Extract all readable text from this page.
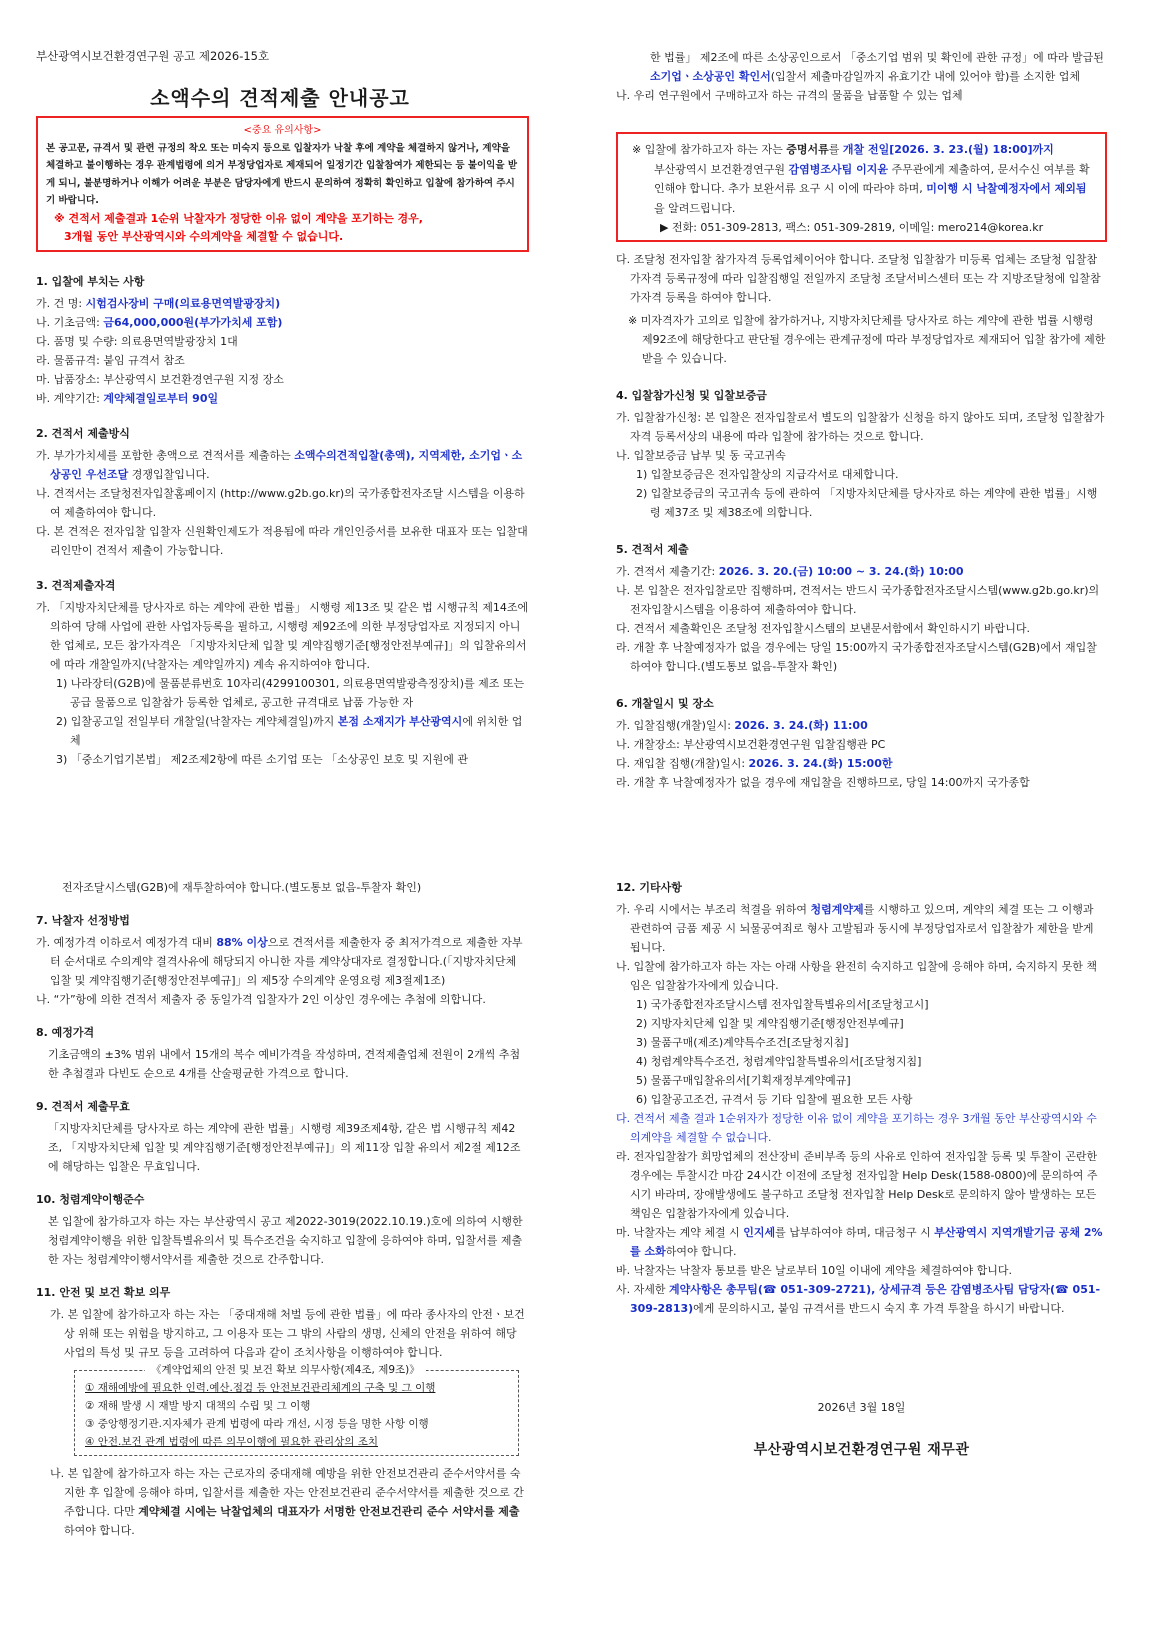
부산광역시보건환경연구원 공고 제2026-15호
소액수의 견적제출 안내공고
<중요 유의사항>
본 공고문, 규격서 및 관련 규정의 착오 또는 미숙지 등으로 입찰자가 낙찰 후에 계약을 체결하지 않거나, 계약을 체결하고 불이행하는 경우 관계법령에 의거 부정당업자로 제재되어 일정기간 입찰참여가 제한되는 등 불이익을 받게 되니, 불분명하거나 이해가 어려운 부분은 담당자에게 반드시 문의하여 정확히 확인하고 입찰에 참가하여 주시기 바랍니다.
※ 견적서 제출결과 1순위 낙찰자가 정당한 이유 없이 계약을 포기하는 경우,
3개월 동안 부산광역시와 수의계약을 체결할 수 없습니다.
1. 입찰에 부치는 사항
가. 건 명: 시험검사장비 구매(의료용면역발광장치)
나. 기초금액: 금64,000,000원(부가가치세 포함)
다. 품명 및 수량: 의료용면역발광장치 1대
라. 물품규격: 붙임 규격서 참조
마. 납품장소: 부산광역시 보건환경연구원 지정 장소
바. 계약기간: 계약체결일로부터 90일
2. 견적서 제출방식
가. 부가가치세를 포함한 총액으로 견적서를 제출하는 소액수의견적입찰(총액), 지역제한, 소기업ㆍ소상공인 우선조달 경쟁입찰입니다.
나. 견적서는 조달청전자입찰홈페이지 (http://www.g2b.go.kr)의 국가종합전자조달 시스템을 이용하여 제출하여야 합니다.
다. 본 견적은 전자입찰 입찰자 신원확인제도가 적용됨에 따라 개인인증서를 보유한 대표자 또는 입찰대리인만이 견적서 제출이 가능합니다.
3. 견적제출자격
가. 「지방자치단체를 당사자로 하는 계약에 관한 법률」 시행령 제13조 및 같은 법 시행규칙 제14조에 의하여 당해 사업에 관한 사업자등록을 필하고, 시행령 제92조에 의한 부정당업자로 지정되지 아니한 업체로, 모든 참가자격은 「지방자치단체 입찰 및 계약집행기준[행정안전부예규]」의 입찰유의서에 따라 개찰일까지(낙찰자는 계약일까지) 계속 유지하여야 합니다.
1) 나라장터(G2B)에 물품분류번호 10자리(4299100301, 의료용면역발광측정장치)를 제조 또는 공급 물품으로 입찰참가 등록한 업체로, 공고한 규격대로 납품 가능한 자
2) 입찰공고일 전일부터 개찰일(낙찰자는 계약체결일)까지 본점 소재지가 부산광역시에 위치한 업체
3) 「중소기업기본법」 제2조제2항에 따른 소기업 또는 「소상공인 보호 및 지원에 관
한 법률」 제2조에 따른 소상공인으로서 「중소기업 범위 및 확인에 관한 규정」에 따라 발급된 소기업ㆍ소상공인 확인서(입찰서 제출마감일까지 유효기간 내에 있어야 함)를 소지한 업체
나. 우리 연구원에서 구매하고자 하는 규격의 물품을 납품할 수 있는 업체
※ 입찰에 참가하고자 하는 자는 증명서류를 개찰 전일[2026. 3. 23.(월) 18:00]까지
부산광역시 보건환경연구원 감염병조사팀 이지윤 주무관에게 제출하여, 문서수신 여부를 확인해야 합니다. 추가 보완서류 요구 시 이에 따라야 하며, 미이행 시 낙찰예정자에서 제외됨을 알려드립니다.
▶ 전화: 051-309-2813, 팩스: 051-309-2819, 이메일: mero214@korea.kr
다. 조달청 전자입찰 참가자격 등록업체이어야 합니다. 조달청 입찰참가 미등록 업체는 조달청 입찰참가자격 등록규정에 따라 입찰집행일 전일까지 조달청 조달서비스센터 또는 각 지방조달청에 입찰참가자격 등록을 하여야 합니다.
※ 미자격자가 고의로 입찰에 참가하거나, 지방자치단체를 당사자로 하는 계약에 관한 법률 시행령 제92조에 해당한다고 판단될 경우에는 관계규정에 따라 부정당업자로 제재되어 입찰 참가에 제한받을 수 있습니다.
4. 입찰참가신청 및 입찰보증금
가. 입찰참가신청: 본 입찰은 전자입찰로서 별도의 입찰참가 신청을 하지 않아도 되며, 조달청 입찰참가자격 등록서상의 내용에 따라 입찰에 참가하는 것으로 합니다.
나. 입찰보증금 납부 및 동 국고귀속
1) 입찰보증금은 전자입찰상의 지급각서로 대체합니다.
2) 입찰보증금의 국고귀속 등에 관하여 「지방자치단체를 당사자로 하는 계약에 관한 법률」시행령 제37조 및 제38조에 의합니다.
5. 견적서 제출
가. 견적서 제출기간: 2026. 3. 20.(금) 10:00 ~ 3. 24.(화) 10:00
나. 본 입찰은 전자입찰로만 집행하며, 견적서는 반드시 국가종합전자조달시스템(www.g2b.go.kr)의 전자입찰시스템을 이용하여 제출하여야 합니다.
다. 견적서 제출확인은 조달청 전자입찰시스템의 보낸문서함에서 확인하시기 바랍니다.
라. 개찰 후 낙찰예정자가 없을 경우에는 당일 15:00까지 국가종합전자조달시스템(G2B)에서 재입찰하여야 합니다.(별도통보 없음-투찰자 확인)
6. 개찰일시 및 장소
가. 입찰집행(개찰)일시: 2026. 3. 24.(화) 11:00
나. 개찰장소: 부산광역시보건환경연구원 입찰집행관 PC
다. 재입찰 집행(개찰)일시: 2026. 3. 24.(화) 15:00한
라. 개찰 후 낙찰예정자가 없을 경우에 재입찰을 진행하므로, 당일 14:00까지 국가종합
전자조달시스템(G2B)에 재투찰하여야 합니다.(별도통보 없음-투찰자 확인)
7. 낙찰자 선정방법
가. 예정가격 이하로서 예정가격 대비 88% 이상으로 견적서를 제출한자 중 최저가격으로 제출한 자부터 순서대로 수의계약 결격사유에 해당되지 아니한 자를 계약상대자로 결정합니다.(「지방자치단체 입찰 및 계약집행기준[행정안전부예규]」의 제5장 수의계약 운영요령 제3절제1조)
나. “가”항에 의한 견적서 제출자 중 동일가격 입찰자가 2인 이상인 경우에는 추첨에 의합니다.
8. 예정가격
기초금액의 ±3% 범위 내에서 15개의 복수 예비가격을 작성하며, 견적제출업체 전원이 2개씩 추첨한 추첨결과 다빈도 순으로 4개를 산술평균한 가격으로 합니다.
9. 견적서 제출무효
「지방자치단체를 당사자로 하는 계약에 관한 법률」시행령 제39조제4항, 같은 법 시행규칙 제42조, 「지방자치단체 입찰 및 계약집행기준[행정안전부예규]」의 제11장 입찰 유의서 제2절 제12조에 해당하는 입찰은 무효입니다.
10. 청렴계약이행준수
본 입찰에 참가하고자 하는 자는 부산광역시 공고 제2022-3019(2022.10.19.)호에 의하여 시행한 청렴계약이행을 위한 입찰특별유의서 및 특수조건을 숙지하고 입찰에 응하여야 하며, 입찰서를 제출한 자는 청렴계약이행서약서를 제출한 것으로 간주합니다.
11. 안전 및 보건 확보 의무
가. 본 입찰에 참가하고자 하는 자는 「중대재해 처벌 등에 관한 법률」에 따라 종사자의 안전ㆍ보건상 위해 또는 위험을 방지하고, 그 이용자 또는 그 밖의 사람의 생명, 신체의 안전을 위하여 해당 사업의 특성 및 규모 등을 고려하여 다음과 같이 조치사항을 이행하여야 합니다.
《계약업체의 안전 및 보건 확보 의무사항(제4조, 제9조)》
① 재해예방에 필요한 인력.예산.점검 등 안전보건관리체계의 구축 및 그 이행
② 재해 발생 시 재발 방지 대책의 수립 및 그 이행
③ 중앙행정기관.지자체가 관계 법령에 따라 개선, 시정 등을 명한 사항 이행
④ 안전.보건 관계 법령에 따른 의무이행에 필요한 관리상의 조치
나. 본 입찰에 참가하고자 하는 자는 근로자의 중대재해 예방을 위한 안전보건관리 준수서약서를 숙지한 후 입찰에 응해야 하며, 입찰서를 제출한 자는 안전보건관리 준수서약서를 제출한 것으로 간주합니다. 다만 계약체결 시에는 낙찰업체의 대표자가 서명한 안전보건관리 준수 서약서를 제출하여야 합니다.
12. 기타사항
가. 우리 시에서는 부조리 척결을 위하여 청렴계약제를 시행하고 있으며, 계약의 체결 또는 그 이행과 관련하여 금품 제공 시 뇌물공여죄로 형사 고발됨과 동시에 부정당업자로서 입찰참가 제한을 받게 됩니다.
나. 입찰에 참가하고자 하는 자는 아래 사항을 완전히 숙지하고 입찰에 응해야 하며, 숙지하지 못한 책임은 입찰참가자에게 있습니다.
1) 국가종합전자조달시스템 전자입찰특별유의서[조달청고시]
2) 지방자치단체 입찰 및 계약집행기준[행정안전부예규]
3) 물품구매(제조)계약특수조건[조달청지침]
4) 청렴계약특수조건, 청렴계약입찰특별유의서[조달청지침]
5) 물품구매입찰유의서[기획재정부계약예규]
6) 입찰공고조건, 규격서 등 기타 입찰에 필요한 모든 사항
다. 견적서 제출 결과 1순위자가 정당한 이유 없이 계약을 포기하는 경우 3개월 동안 부산광역시와 수의계약을 체결할 수 없습니다.
라. 전자입찰참가 희망업체의 전산장비 준비부족 등의 사유로 인하여 전자입찰 등록 및 투찰이 곤란한 경우에는 투찰시간 마감 24시간 이전에 조달청 전자입찰 Help Desk(1588-0800)에 문의하여 주시기 바라며, 장애발생에도 불구하고 조달청 전자입찰 Help Desk로 문의하지 않아 발생하는 모든 책임은 입찰참가자에게 있습니다.
마. 낙찰자는 계약 체결 시 인지세를 납부하여야 하며, 대금청구 시 부산광역시 지역개발기금 공채 2%를 소화하여야 합니다.
바. 낙찰자는 낙찰자 통보를 받은 날로부터 10일 이내에 계약을 체결하여야 합니다.
사. 자세한 계약사항은 총무팀(☎ 051-309-2721), 상세규격 등은 감염병조사팀 담당자(☎ 051-309-2813)에게 문의하시고, 붙임 규격서를 반드시 숙지 후 가격 투찰을 하시기 바랍니다.
2026년 3월 18일
부산광역시보건환경연구원 재무관
